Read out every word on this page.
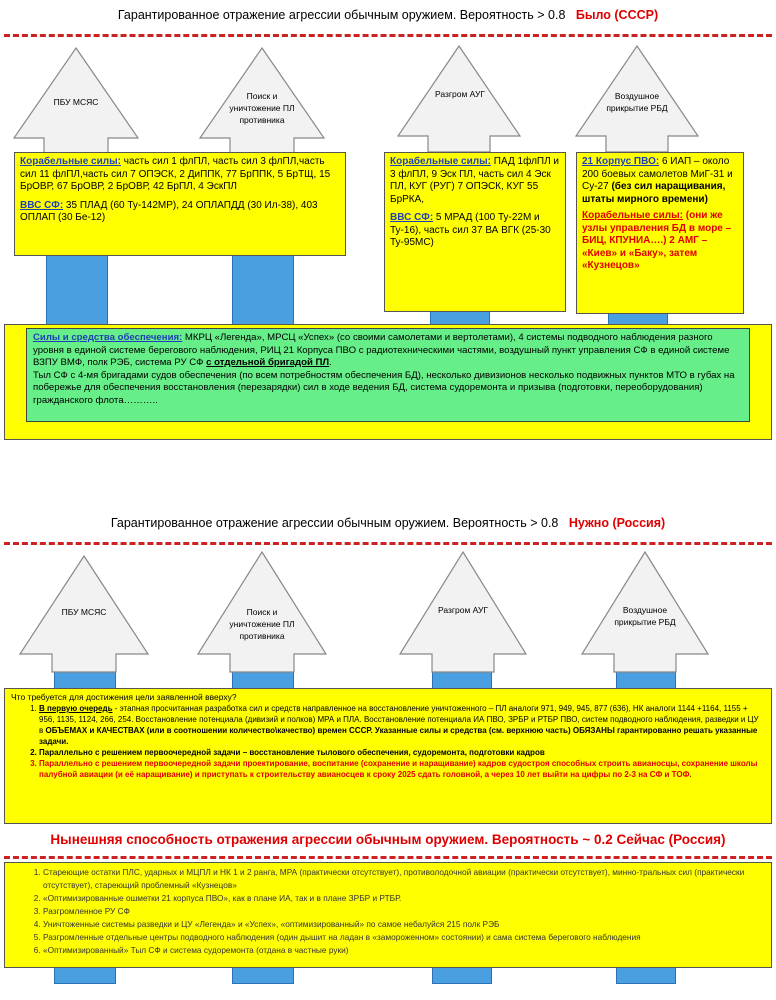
Гарантированное отражение агрессии обычным оружием. Вероятность > 0.8 Было (СССР)
ПБУ МСЯС
Поиск и уничтожение ПЛ противника
Разгром АУГ	Воздушное прикрытие РБД
Корабельные силы: часть сил 1 флПЛ, часть сил 3 флПЛ,часть сил 11 флПЛ,часть сил 7 ОПЭСК, 2 ДиППК, 77 БрППК, 5 БрТЩ, 15 БрОВР, 67 БрОВР, 2 БрОВР, 42 БрПЛ, 4 ЭскПЛ
ВВС СФ: 35 ПЛАД (60 Ту-142МР), 24 ОПЛАПДД (30 Ил-38), 403 ОПЛАП (30 Бе-12)
Корабельные силы: ПАД 1флПЛ и 3 флПЛ, 9 Эск ПЛ, часть сил 4 Эск ПЛ, КУГ (РУГ) 7 ОПЭСК, КУГ 55 БрРКА,
ВВС СФ: 5 МРАД (100 Ту-22М и Ту-16), часть сил 37 ВА ВГК (25-30 Ту-95МС)
21 Корпус ПВО: 6 ИАП – около 200 боевых самолетов МиГ-31 и Су-27 (без сил наращивания, штаты мирного времени)
Корабельные силы: (они же узлы управления БД в море – БИЦ, КПУНИА….) 2 АМГ – «Киев» и «Баку», затем «Кузнецов»
Силы и средства обеспечения: МКРЦ «Легенда», МРСЦ «Успех» (со своими самолетами и вертолетами), 4 системы подводного наблюдения разного уровня в единой системе берегового наблюдения, РИЦ 21 Корпуса ПВО с радиотехническими частями, воздушный пункт управления СФ в единой системе ВЗПУ ВМФ, полк РЭБ, система РУ СФ с отдельной бригадой ПЛ.
Тыл СФ с 4-мя бригадами судов обеспечения (по всем потребностям обеспечения БД), несколько дивизионов несколько подвижных пунктов МТО в губах на побережье для обеспечения восстановления (перезарядки) сил в ходе ведения БД, система судоремонта и призыва (подготовки, переоборудования) гражданского флота………..
Гарантированное отражение агрессии обычным оружием. Вероятность > 0.8 Нужно (Россия)
ПБУ МСЯС	Поиск и уничтожение ПЛ противника
Разгром АУГ	Воздушное прикрытие РБД
Что требуется для достижения цели заявленной вверху?
1. В первую очередь - этапная просчитанная разработка сил и средств направленное на восстановление уничтоженного – ПЛ аналоги 971, 949, 945, 877 (636), НК аналоги 1144 +1164, 1155 + 956, 1135, 1124, 266, 254. Восстановление потенциала (дивизий и полков) МРА и ПЛА. Восстановление потенциала ИА ПВО, ЗРБР и РТБР ПВО, систем подводного наблюдения, разведки и ЦУ в ОБЪЕМАХ и КАЧЕСТВАХ (или в соотношении количество\качество) времен СССР. Указанные силы и средства (см. верхнюю часть) ОБЯЗАНЫ гарантированно решать указанные задачи.
2. Параллельно с решением первоочередной задачи – восстановление тылового обеспечения, судоремонта, подготовки кадров
3. Параллельно с решением первоочередной задачи проектирование, воспитание (сохранение и наращивание) кадров судостроя способных строить авианосцы, сохранение школы палубной авиации (и её наращивание) и приступать к строительству авианосцев к сроку 2025 сдать головной, а через 10 лет выйти на цифры по 2-3 на СФ и ТОФ.
Нынешняя способность отражения агрессии обычным оружием. Вероятность ~ 0.2 Сейчас (Россия)
1. Стареющие остатки ПЛС, ударных и МЦПЛ и НК 1 и 2 ранга, МРА (практически отсутствует), противолодочной авиации (практически отсутствует), минно-тральных сил (практически отсутствует), стареющий проблемный «Кузнецов»
2. «Оптимизированные ошметки 21 корпуса ПВО», как в плане ИА, так и в плане ЗРБР и РТБР.
3. Разгромленное РУ СФ
4. Уничтоженные системы разведки и ЦУ «Легенда» и «Успех», «оптимизированный» по самое небалуйся 215 полк РЭБ
5. Разгромленные отдельные центры подводного наблюдения (один дышит на ладан в «замороженном» состоянии) и сама система берегового наблюдения
6. «Оптимизированный» Тыл СФ и система судоремонта (отдана в частные руки)
